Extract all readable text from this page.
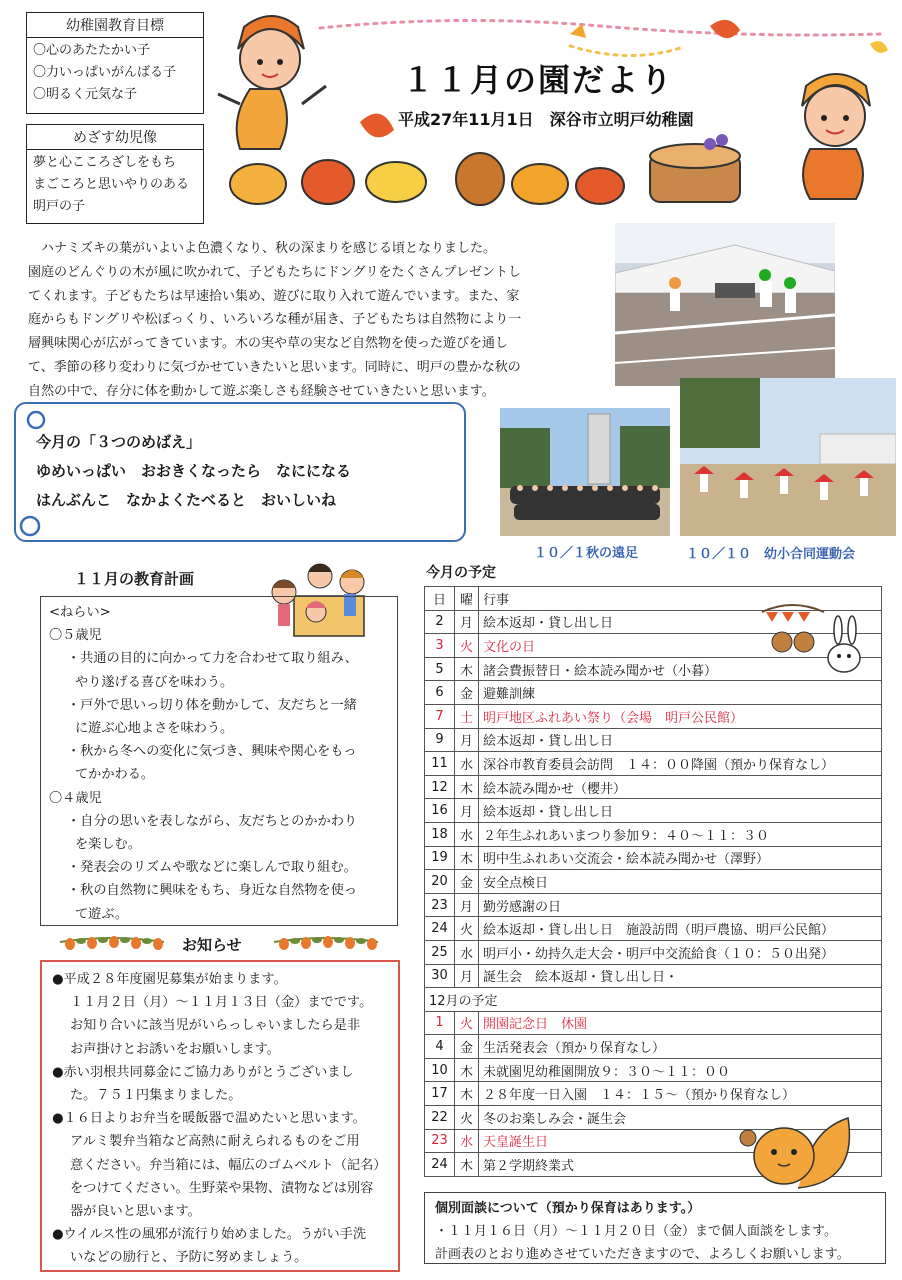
幼稚園教育目標
〇心のあたたかい子
〇力いっぱいがんばる子
〇明るく元気な子
めざす幼児像
夢と心こころざしをもち
まごころと思いやりのある
明戸の子
１１月の園だより
平成27年11月1日　深谷市立明戸幼稚園

　ハナミズキの葉がいよいよ色濃くなり、秋の深まりを感じる頃となりました。

園庭のどんぐりの木が風に吹かれて、子どもたちにドングリをたくさんプレゼントし

てくれます。子どもたちは早速拾い集め、遊びに取り入れて遊んでいます。また、家

庭からもドングリや松ぼっくり、いろいろな種が届き、子どもたちは自然物により一

層興味関心が広がってきています。木の実や草の実など自然物を使った遊びを通し

て、季節の移り変わりに気づかせていきたいと思います。同時に、明戸の豊かな秋の

自然の中で、存分に体を動かして遊ぶ楽しさも経験させていきたいと思います。

１０／１秋の遠足	１０／１０　幼小合同運動会
今月の「３つのめばえ」
ゆめいっぱい　おおきくなったら　なにになる
はんぶんこ　なかよくたべると　おいしいね
１１月の教育計画
<ねらい>
〇５歳児
・共通の目的に向かって力を合わせて取り組み、
やり遂げる喜びを味わう。
・戸外で思いっ切り体を動かして、友だちと一緒
に遊ぶ心地よさを味わう。
・秋から冬への変化に気づき、興味や関心をもっ
てかかわる。
〇４歳児
・自分の思いを表しながら、友だちとのかかわり
を楽しむ。
・発表会のリズムや歌などに楽しんで取り組む。
・秋の自然物に興味をもち、身近な自然物を使っ
て遊ぶ。
お知らせ
●平成２８年度園児募集が始まります。
１１月２日（月）～１１月１３日（金）までです。
お知り合いに該当児がいらっしゃいましたら是非
お声掛けとお誘いをお願いします。
●赤い羽根共同募金にご協力ありがとうございまし
た。７５１円集まりました。
●１６日よりお弁当を暖飯器で温めたいと思います。
アルミ製弁当箱など高熱に耐えられるものをご用
意ください。弁当箱には、幅広のゴムベルト（記名）
をつけてください。生野菜や果物、漬物などは別容
器が良いと思います。
●ウイルス性の風邪が流行り始めました。うがい手洗
いなどの励行と、予防に努めましょう。
今月の予定
日	曜	行事
2	月	絵本返却・貸し出し日
3	火	文化の日
5	木	諸会費振替日・絵本読み聞かせ（小暮）
6	金	避難訓練
7	土	明戸地区ふれあい祭り（会場　明戸公民館）
9	月	絵本返却・貸し出し日
11	水	深谷市教育委員会訪問　１４：００降園（預かり保育なし）
12	木	絵本読み聞かせ（櫻井）
16	月	絵本返却・貸し出し日
18	水	２年生ふれあいまつり参加９：４０～１１：３０
19	木	明中生ふれあい交流会・絵本読み聞かせ（澤野）
20	金	安全点検日
23	月	勤労感謝の日
24	火	絵本返却・貸し出し日　施設訪問（明戸農協、明戸公民館）
25	水	明戸小・幼持久走大会・明戸中交流給食（１０：５０出発）
30	月	誕生会　絵本返却・貸し出し日・
12月の予定		
1	火	開園記念日　休園
4	金	生活発表会（預かり保育なし）
10	木	未就園児幼稚園開放９：３０～１１：００
17	木	２８年度一日入園　１４：１５～（預かり保育なし）
22	火	冬のお楽しみ会・誕生会
23	水	天皇誕生日
24	木	第２学期終業式
個別面談について（預かり保育はあります。）
・１１月１６日（月）～１１月２０日（金）まで個人面談をします。
計画表のとおり進めさせていただきますので、よろしくお願いします。
